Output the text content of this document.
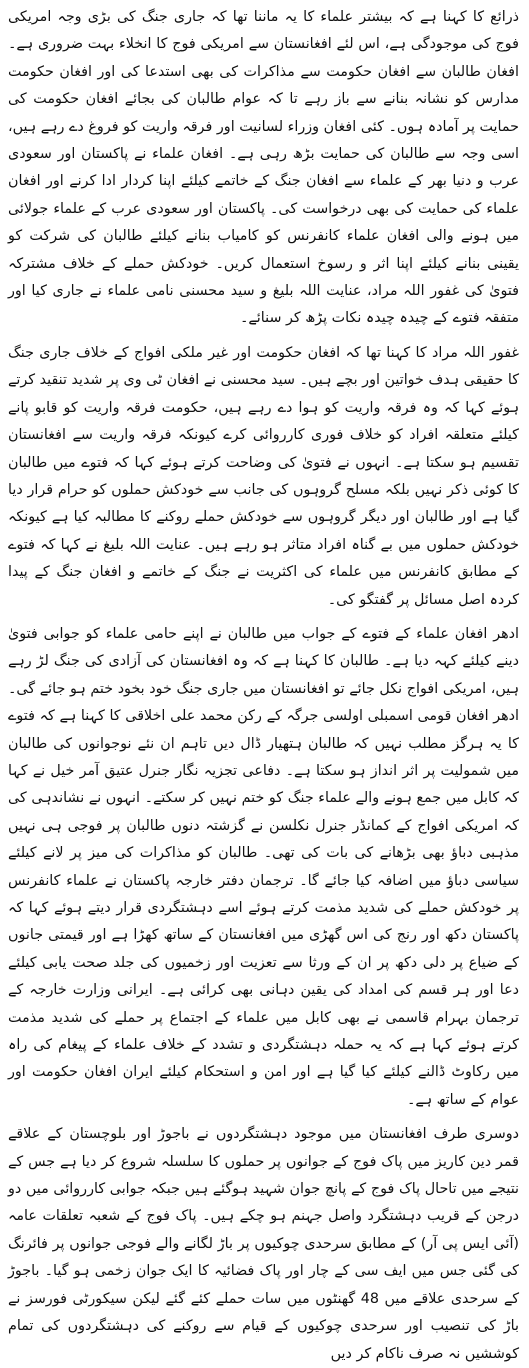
ذرائع کا کہنا ہے کہ بیشتر علماء کا یہ ماننا تھا کہ جاری جنگ کی بڑی وجہ امریکی فوج کی موجودگی ہے، اس لئے افغانستان سے امریکی فوج کا انخلاء بہت ضروری ہے۔ افغان طالبان سے افغان حکومت سے مذاکرات کی بھی استدعا کی اور افغان حکومت مدارس کو نشانہ بنانے سے باز رہے تا کہ عوام طالبان کی بجائے افغان حکومت کی حمایت پر آمادہ ہوں۔ کئی افغان وزراء لسانیت اور فرقہ واریت کو فروغ دے رہے ہیں، اسی وجہ سے طالبان کی حمایت بڑھ رہی ہے۔ افغان علماء نے پاکستان اور سعودی عرب و دنیا بھر کے علماء سے افغان جنگ کے خاتمے کیلئے اپنا کردار ادا کرنے اور افغان علماء کی حمایت کی بھی درخواست کی۔ پاکستان اور سعودی عرب کے علماء جولائی میں ہونے والی افغان علماء کانفرنس کو کامیاب بنانے کیلئے طالبان کی شرکت کو یقینی بنانے کیلئے اپنا اثر و رسوخ استعمال کریں۔ خودکش حملے کے خلاف مشترکہ فتویٰ کی غفور اللہ مراد، عنایت اللہ بلیغ و سید محسنی نامی علماء نے جاری کیا اور متفقہ فتوے کے چیدہ چیدہ نکات پڑھ کر سنائے۔

غفور اللہ مراد کا کہنا تھا کہ افغان حکومت اور غیر ملکی افواج کے خلاف جاری جنگ کا حقیقی ہدف خواتین اور بچے ہیں۔ سید محسنی نے افغان ٹی وی پر شدید تنقید کرتے ہوئے کہا کہ وہ فرقہ واریت کو ہوا دے رہے ہیں، حکومت فرقہ واریت کو قابو پانے کیلئے متعلقہ افراد کو خلاف فوری کارروائی کرے کیونکہ فرقہ واریت سے افغانستان تقسیم ہو سکتا ہے۔ انہوں نے فتویٰ کی وضاحت کرتے ہوئے کہا کہ فتوے میں طالبان کا کوئی ذکر نہیں بلکہ مسلح گروہوں کی جانب سے خودکش حملوں کو حرام قرار دیا گیا ہے اور طالبان اور دیگر گروہوں سے خودکش حملے روکنے کا مطالبہ کیا ہے کیونکہ خودکش حملوں میں بے گناہ افراد متاثر ہو رہے ہیں۔ عنایت اللہ بلیغ نے کہا کہ فتوے کے مطابق کانفرنس میں علماء کی اکثریت نے جنگ کے خاتمے و افغان جنگ کے پیدا کردہ اصل مسائل پر گفتگو کی۔

ادھر افغان علماء کے فتوے کے جواب میں طالبان نے اپنے حامی علماء کو جوابی فتویٰ دینے کیلئے کہہ دیا ہے۔ طالبان کا کہنا ہے کہ وہ افغانستان کی آزادی کی جنگ لڑ رہے ہیں، امریکی افواج نکل جائے تو افغانستان میں جاری جنگ خود بخود ختم ہو جائے گی۔ ادھر افغان قومی اسمبلی اولسی جرگہ کے رکن محمد علی اخلاقی کا کہنا ہے کہ فتوے کا یہ ہرگز مطلب نہیں کہ طالبان ہتھیار ڈال دیں تاہم ان نئے نوجوانوں کی طالبان میں شمولیت پر اثر انداز ہو سکتا ہے۔ دفاعی تجزیہ نگار جنرل عتیق آمر خیل نے کہا کہ کابل میں جمع ہونے والے علماء جنگ کو ختم نہیں کر سکتے۔ انہوں نے نشاندہی کی کہ امریکی افواج کے کمانڈر جنرل نکلسن نے گزشتہ دنوں طالبان پر فوجی ہی نہیں مذہبی دباؤ بھی بڑھانے کی بات کی تھی۔ طالبان کو مذاکرات کی میز پر لانے کیلئے سیاسی دباؤ میں اضافہ کیا جائے گا۔ ترجمان دفتر خارجہ پاکستان نے علماء کانفرنس پر خودکش حملے کی شدید مذمت کرتے ہوئے اسے دہشتگردی قرار دیتے ہوئے کہا کہ پاکستان دکھ اور رنج کی اس گھڑی میں افغانستان کے ساتھ کھڑا ہے اور قیمتی جانوں کے ضیاع پر دلی دکھ پر ان کے ورثا سے تعزیت اور زخمیوں کی جلد صحت یابی کیلئے دعا اور ہر قسم کی امداد کی یقین دہانی بھی کرائی ہے۔ ایرانی وزارت خارجہ کے ترجمان بہرام قاسمی نے بھی کابل میں علماء کے اجتماع پر حملے کی شدید مذمت کرتے ہوئے کہا ہے کہ یہ حملہ دہشتگردی و تشدد کے خلاف علماء کے پیغام کی راہ میں رکاوٹ ڈالنے کیلئے کیا گیا ہے اور امن و استحکام کیلئے ایران افغان حکومت اور عوام کے ساتھ ہے۔

دوسری طرف افغانستان میں موجود دہشتگردوں نے باجوڑ اور بلوچستان کے علاقے قمر دین کاریز میں پاک فوج کے جوانوں پر حملوں کا سلسلہ شروع کر دیا ہے جس کے نتیجے میں تاحال پاک فوج کے پانچ جوان شہید ہوگئے ہیں جبکہ جوابی کارروائی میں دو درجن کے قریب دہشتگرد واصل جہنم ہو چکے ہیں۔ پاک فوج کے شعبہ تعلقات عامہ (آئی ایس پی آر) کے مطابق سرحدی چوکیوں پر باڑ لگانے والے فوجی جوانوں پر فائرنگ کی گئی جس میں ایف سی کے چار اور پاک فضائیہ کا ایک جوان زخمی ہو گیا۔ باجوڑ کے سرحدی علاقے میں 48 گھنٹوں میں سات حملے کئے گئے لیکن سیکورٹی فورسز نے باڑ کی تنصیب اور سرحدی چوکیوں کے قیام سے روکنے کی دہشتگردوں کی تمام کوششیں نہ صرف ناکام کر دیں
